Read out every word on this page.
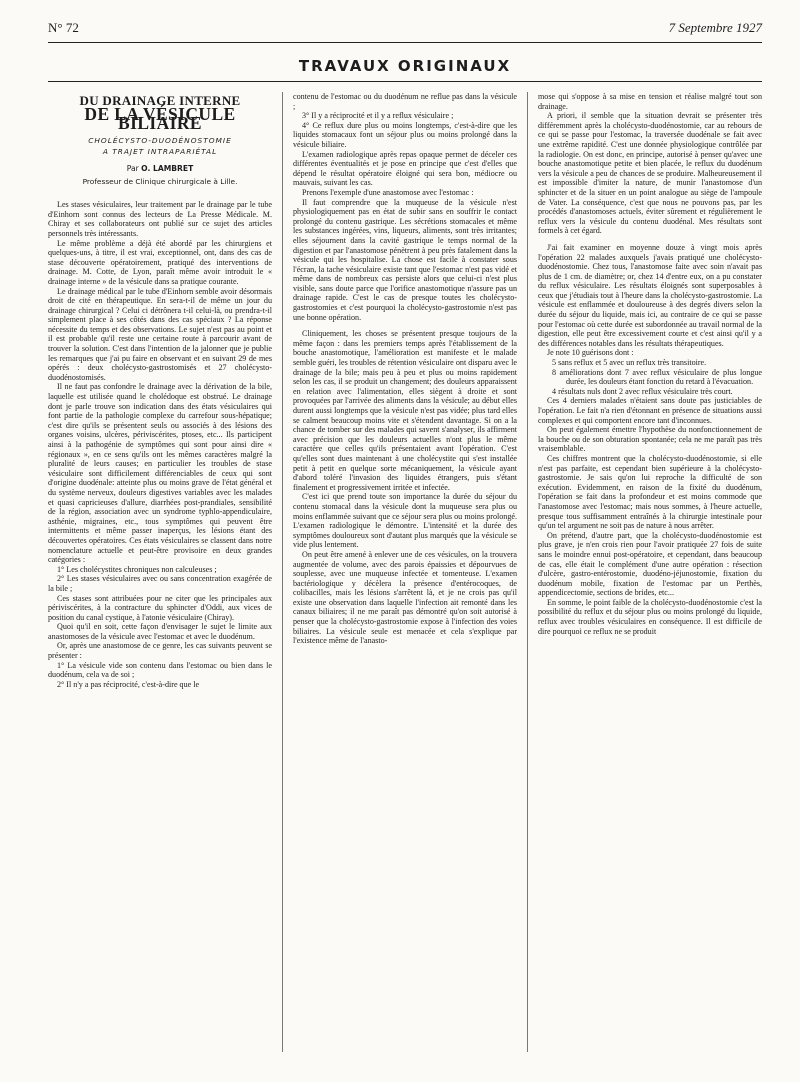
N° 72	7 Septembre 1927
TRAVAUX ORIGINAUX
DU DRAINAGE INTERNE
DE LA VÉSICULE BILIAIRE
CHOLÉCYSTO-DUODÉNOSTOMIE
A TRAJET INTRAPARIÉTAL
Par O. LAMBRET
Professeur de Clinique chirurgicale à Lille.

Les stases vésiculaires, leur traitement par le drainage par le tube d'Einhorn sont connus des lecteurs de La Presse Médicale. M. Chiray et ses collaborateurs ont publié sur ce sujet des articles personnels très intéressants.

Le même problème a déjà été abordé par les chirurgiens et quelques-uns, à titre, il est vrai, exceptionnel, ont, dans des cas de stase découverte opératoirement, pratiqué des interventions de drainage. M. Cotte, de Lyon, paraît même avoir introduit le « drainage interne » de la vésicule dans sa pratique courante.

Le drainage médical par le tube d'Einhorn semble avoir désormais droit de cité en thérapeutique. En sera-t-il de même un jour du drainage chirurgical ? Celui ci détrônera t-il celui-là, ou prendra-t-il simplement place à ses côtés dans des cas spéciaux ? La réponse nécessite du temps et des observations. Le sujet n'est pas au point et il est probable qu'il reste une certaine route à parcourir avant de trouver la solution. C'est dans l'intention de la jalonner que je publie les remarques que j'ai pu faire en observant et en suivant 29 de mes opérés : deux cholécysto-gastrostomisés et 27 cholécysto-duodénostomisés.

Il ne faut pas confondre le drainage avec la dérivation de la bile, laquelle est utilisée quand le cholédoque est obstrué. Le drainage dont je parle trouve son indication dans des états vésiculaires qui font partie de la pathologie complexe du carrefour sous-hépatique; c'est dire qu'ils se présentent seuls ou associés à des lésions des organes voisins, ulcères, périviscérites, ptoses, etc... Ils participent ainsi à la pathogénie de symptômes qui sont pour ainsi dire « régionaux », en ce sens qu'ils ont les mêmes caractères malgré la pluralité de leurs causes; en particulier les troubles de stase vésiculaire sont difficilement différenciables de ceux qui sont d'origine duodénale: atteinte plus ou moins grave de l'état général et du système nerveux, douleurs digestives variables avec les malades et quasi capricieuses d'allure, diarrhées post-prandiales, sensibilité de la région, association avec un syndrome typhlo-appendiculaire, asthénie, migraines, etc., tous symptômes qui peuvent être intermittents et même passer inaperçus, les lésions étant des découvertes opératoires. Ces états vésiculaires se classent dans notre nomenclature actuelle et peut-être provisoire en deux grandes catégories :

1° Les cholécystites chroniques non calculeuses ;

2° Les stases vésiculaires avec ou sans concentration exagérée de la bile ;

Ces stases sont attribuées pour ne citer que les principales aux périviscérites, à la contracture du sphincter d'Oddi, aux vices de position du canal cystique, à l'atonie vésiculaire (Chiray).

Quoi qu'il en soit, cette façon d'envisager le sujet le limite aux anastomoses de la vésicule avec l'estomac et avec le duodénum.

Or, après une anastomose de ce genre, les cas suivants peuvent se présenter :

1° La vésicule vide son contenu dans l'estomac ou bien dans le duodénum, cela va de soi ;

2° Il n'y a pas réciprocité, c'est-à-dire que le

contenu de l'estomac ou du duodénum ne reflue pas dans la vésicule ;

3° Il y a réciprocité et il y a reflux vésiculaire ;

4° Ce reflux dure plus ou moins longtemps, c'est-à-dire que les liquides stomacaux font un séjour plus ou moins prolongé dans la vésicule biliaire.

L'examen radiologique après repas opaque permet de déceler ces différentes éventualités et je pose en principe que c'est d'elles que dépend le résultat opératoire éloigné qui sera bon, médiocre ou mauvais, suivant les cas.

Prenons l'exemple d'une anastomose avec l'estomac :

Il faut comprendre que la muqueuse de la vésicule n'est physiologiquement pas en état de subir sans en souffrir le contact prolongé du contenu gastrique. Les sécrétions stomacales et même les substances ingérées, vins, liqueurs, aliments, sont très irritantes; elles séjournent dans la cavité gastrique le temps normal de la digestion et par l'anastomose pénètrent à peu près fatalement dans la vésicule qui les hospitalise. La chose est facile à constater sous l'écran, la tache vésiculaire existe tant que l'estomac n'est pas vidé et même dans de nombreux cas persiste alors que celui-ci n'est plus visible, sans doute parce que l'orifice anastomotique n'assure pas un drainage rapide. C'est le cas de presque toutes les cholécysto-gastrostomies et c'est pourquoi la cholécysto-gastrostomie n'est pas une bonne opération.

Cliniquement, les choses se présentent presque toujours de la même façon : dans les premiers temps après l'établissement de la bouche anastomotique, l'amélioration est manifeste et le malade semble guéri, les troubles de rétention vésiculaire ont disparu avec le drainage de la bile; mais peu à peu et plus ou moins rapidement selon les cas, il se produit un changement; des douleurs apparaissent en relation avec l'alimentation, elles siègent à droite et sont provoquées par l'arrivée des aliments dans la vésicule; au début elles durent aussi longtemps que la vésicule n'est pas vidée; plus tard elles se calment beaucoup moins vite et s'étendent davantage. Si on a la chance de tomber sur des malades qui savent s'analyser, ils affirment avec précision que les douleurs actuelles n'ont plus le même caractère que celles qu'ils présentaient avant l'opération. C'est qu'elles sont dues maintenant à une cholécystite qui s'est installée petit à petit en quelque sorte mécaniquement, la vésicule ayant d'abord toléré l'invasion des liquides étrangers, puis s'étant finalement et progressivement irritée et infectée.

C'est ici que prend toute son importance la durée du séjour du contenu stomacal dans la vésicule dont la muqueuse sera plus ou moins enflammée suivant que ce séjour sera plus ou moins prolongé. L'examen radiologique le démontre. L'intensité et la durée des symptômes douloureux sont d'autant plus marqués que la vésicule se vide plus lentement.

On peut être amené à enlever une de ces vésicules, on la trouvera augmentée de volume, avec des parois épaissies et dépourvues de souplesse, avec une muqueuse infectée et tomenteuse. L'examen bactériologique y décèlera la présence d'entérocoques, de colibacilles, mais les lésions s'arrêtent là, et je ne crois pas qu'il existe une observation dans laquelle l'infection ait remonté dans les canaux biliaires; il ne me paraît pas démontré qu'on soit autorisé à penser que la cholécysto-gastrostomie expose à l'infection des voies biliaires. La vésicule seule est menacée et cela s'explique par l'existence même de l'anasto-

mose qui s'oppose à sa mise en tension et réalise malgré tout son drainage.

A priori, il semble que la situation devrait se présenter très différemment après la cholécysto-duodénostomie, car au rebours de ce qui se passe pour l'estomac, la traversée duodénale se fait avec une extrême rapidité. C'est une donnée physiologique contrôlée par la radiologie. On est donc, en principe, autorisé à penser qu'avec une bouche anastomotique petite et bien placée, le reflux du duodénum vers la vésicule a peu de chances de se produire. Malheureusement il est impossible d'imiter la nature, de munir l'anastomose d'un sphincter et de la situer en un point analogue au siège de l'ampoule de Vater. La conséquence, c'est que nous ne pouvons pas, par les procédés d'anastomoses actuels, éviter sûrement et régulièrement le reflux vers la vésicule du contenu duodénal. Mes résultats sont formels à cet égard.

J'ai fait examiner en moyenne douze à vingt mois après l'opération 22 malades auxquels j'avais pratiqué une cholécysto-duodénostomie. Chez tous, l'anastomose faite avec soin n'avait pas plus de 1 cm. de diamètre; or, chez 14 d'entre eux, on a pu constater du reflux vésiculaire. Les résultats éloignés sont superposables à ceux que j'étudiais tout à l'heure dans la cholécysto-gastrostomie. La vésicule est enflammée et douloureuse à des degrés divers selon la durée du séjour du liquide, mais ici, au contraire de ce qui se passe pour l'estomac où cette durée est subordonnée au travail normal de la digestion, elle peut être excessivement courte et c'est ainsi qu'il y a des différences notables dans les résultats thérapeutiques.

Je note 10 guérisons dont :

5 sans reflux et 5 avec un reflux très transitoire.

8 améliorations dont 7 avec reflux vésiculaire de plus longue durée, les douleurs étant fonction du retard à l'évacuation.

4 résultats nuls dont 2 avec reflux vésiculaire très court.

Ces 4 derniers malades n'étaient sans doute pas justiciables de l'opération. Le fait n'a rien d'étonnant en présence de situations aussi complexes et qui comportent encore tant d'inconnues.

On peut également émettre l'hypothèse du nonfonctionnement de la bouche ou de son obturation spontanée; cela ne me paraît pas très vraisemblable.

Ces chiffres montrent que la cholécysto-duodénostomie, si elle n'est pas parfaite, est cependant bien supérieure à la cholécysto-gastrostomie. Je sais qu'on lui reproche la difficulté de son exécution. Evidemment, en raison de la fixité du duodénum, l'opération se fait dans la profondeur et est moins commode que l'anastomose avec l'estomac; mais nous sommes, à l'heure actuelle, presque tous suffisamment entraînés à la chirurgie intestinale pour qu'un tel argument ne soit pas de nature à nous arrêter.

On prétend, d'autre part, que la cholécysto-duodénostomie est plus grave, je n'en crois rien pour l'avoir pratiquée 27 fois de suite sans le moindre ennui post-opératoire, et cependant, dans beaucoup de cas, elle était le complément d'une autre opération : résection d'ulcère, gastro-entérostomie, duodéno-jéjunostomie, fixation du duodénum mobile, fixation de l'estomac par un Perthès, appendicectomie, sections de brides, etc...

En somme, le point faible de la cholécysto-duodénostomie c'est la possibilité du reflux et du séjour plus ou moins prolongé du liquide, reflux avec troubles vésiculaires en conséquence. Il est difficile de dire pourquoi ce reflux ne se produit
